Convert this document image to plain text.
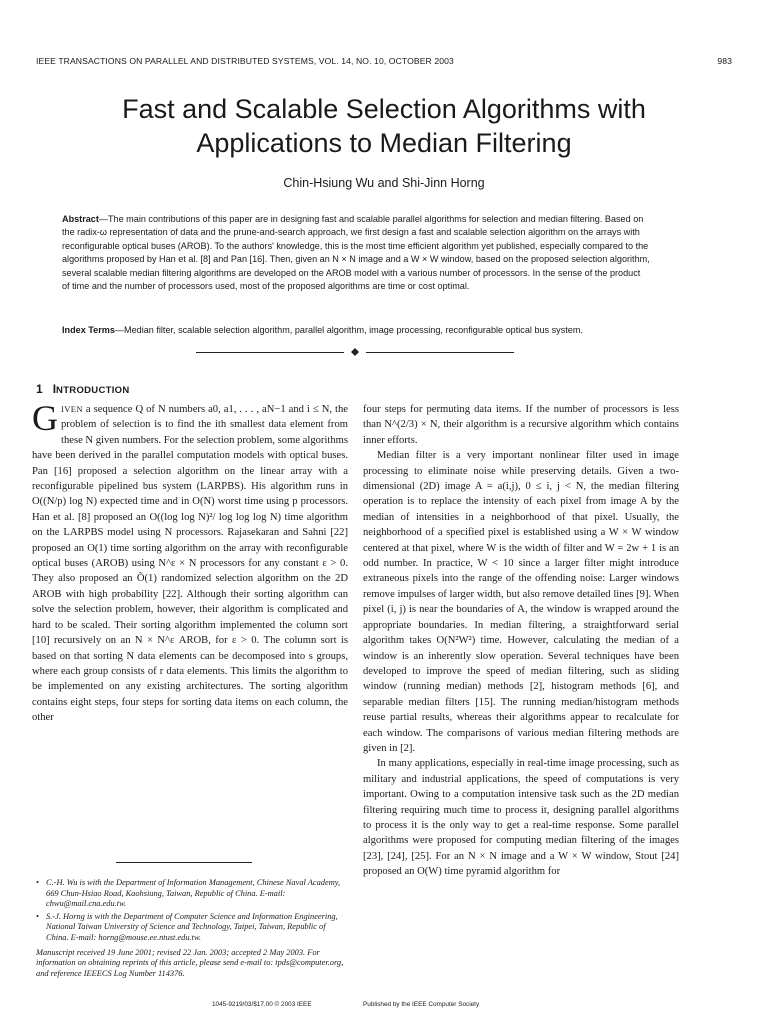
IEEE TRANSACTIONS ON PARALLEL AND DISTRIBUTED SYSTEMS, VOL. 14, NO. 10, OCTOBER 2003	983
Fast and Scalable Selection Algorithms with
Applications to Median Filtering
Chin-Hsiung Wu and Shi-Jinn Horng

Abstract—The main contributions of this paper are in designing fast and scalable parallel algorithms for selection and median filtering. Based on the radix-ω representation of data and the prune-and-search approach, we first design a fast and scalable selection algorithm on the arrays with reconfigurable optical buses (AROB). To the authors' knowledge, this is the most time efficient algorithm yet published, especially compared to the algorithms proposed by Han et al. [8] and Pan [16]. Then, given an N × N image and a W × W window, based on the proposed selection algorithm, several scalable median filtering algorithms are developed on the AROB model with a various number of processors. In the sense of the product of time and the number of processors used, most of the proposed algorithms are time or cost optimal.

Index Terms—Median filter, scalable selection algorithm, parallel algorithm, image processing, reconfigurable optical bus system.

1 INTRODUCTION

GIVEN a sequence Q of N numbers a0, a1, . . . , aN−1 and i ≤ N, the problem of selection is to find the ith smallest data element from these N given numbers. For the selection problem, some algorithms have been derived in the parallel computation models with optical buses. Pan [16] proposed a selection algorithm on the linear array with a reconfigurable pipelined bus system (LARPBS). His algorithm runs in O((N/p) log N) expected time and in O(N) worst time using p processors. Han et al. [8] proposed an O((log log N)²/ log log log N) time algorithm on the LARPBS model using N processors. Rajasekaran and Sahni [22] proposed an O(1) time sorting algorithm on the array with reconfigurable optical buses (AROB) using N^ε × N processors for any constant ε > 0. They also proposed an Õ(1) randomized selection algorithm on the 2D AROB with high probability [22]. Although their sorting algorithm can solve the selection problem, however, their algorithm is complicated and hard to be scaled. Their sorting algorithm implemented the column sort [10] recursively on an N × N^ε AROB, for ε > 0. The column sort is based on that sorting N data elements can be decomposed into s groups, where each group consists of r data elements. This limits the algorithm to be implemented on any existing architectures. The sorting algorithm contains eight steps, four steps for sorting data items on each column, the other

four steps for permuting data items. If the number of processors is less than N^(2/3) × N, their algorithm is a recursive algorithm which contains inner efforts.

Median filter is a very important nonlinear filter used in image processing to eliminate noise while preserving details. Given a two-dimensional (2D) image A = a(i,j), 0 ≤ i, j < N, the median filtering operation is to replace the intensity of each pixel from image A by the median of intensities in a neighborhood of that pixel. Usually, the neighborhood of a specified pixel is established using a W × W window centered at that pixel, where W is the width of filter and W = 2w + 1 is an odd number. In practice, W < 10 since a larger filter might introduce extraneous pixels into the range of the offending noise: Larger windows remove impulses of larger width, but also remove detailed lines [9]. When pixel (i, j) is near the boundaries of A, the window is wrapped around the appropriate boundaries. In median filtering, a straightforward serial algorithm takes O(N²W²) time. However, calculating the median of a window is an inherently slow operation. Several techniques have been developed to improve the speed of median filtering, such as sliding window (running median) methods [2], histogram methods [6], and separable median filters [15]. The running median/histogram methods reuse partial results, whereas their algorithms appear to recalculate for each window. The comparisons of various median filtering methods are given in [2].

In many applications, especially in real-time image processing, such as military and industrial applications, the speed of computations is very important. Owing to a computation intensive task such as the 2D median filtering requiring much time to process it, designing parallel algorithms to process it is the only way to get a real-time response. Some parallel algorithms were proposed for computing median filtering of the images [23], [24], [25]. For an N × N image and a W × W window, Stout [24] proposed an O(W) time pyramid algorithm for

• C.-H. Wu is with the Department of Information Management, Chinese Naval Academy, 669 Chun-Hsiao Road, Kaohsiung, Taiwan, Republic of China. E-mail: chwu@mail.cna.edu.tw.
• S.-J. Horng is with the Department of Computer Science and Information Engineering, National Taiwan University of Science and Technology, Taipei, Taiwan, Republic of China. E-mail: horng@mouse.ee.ntust.edu.tw.
Manuscript received 19 June 2001; revised 22 Jan. 2003; accepted 2 May 2003. For information on obtaining reprints of this article, please send e-mail to: tpds@computer.org, and reference IEEECS Log Number 114376.
1045-9219/03/$17.00 © 2003 IEEE	Published by the IEEE Computer Society
